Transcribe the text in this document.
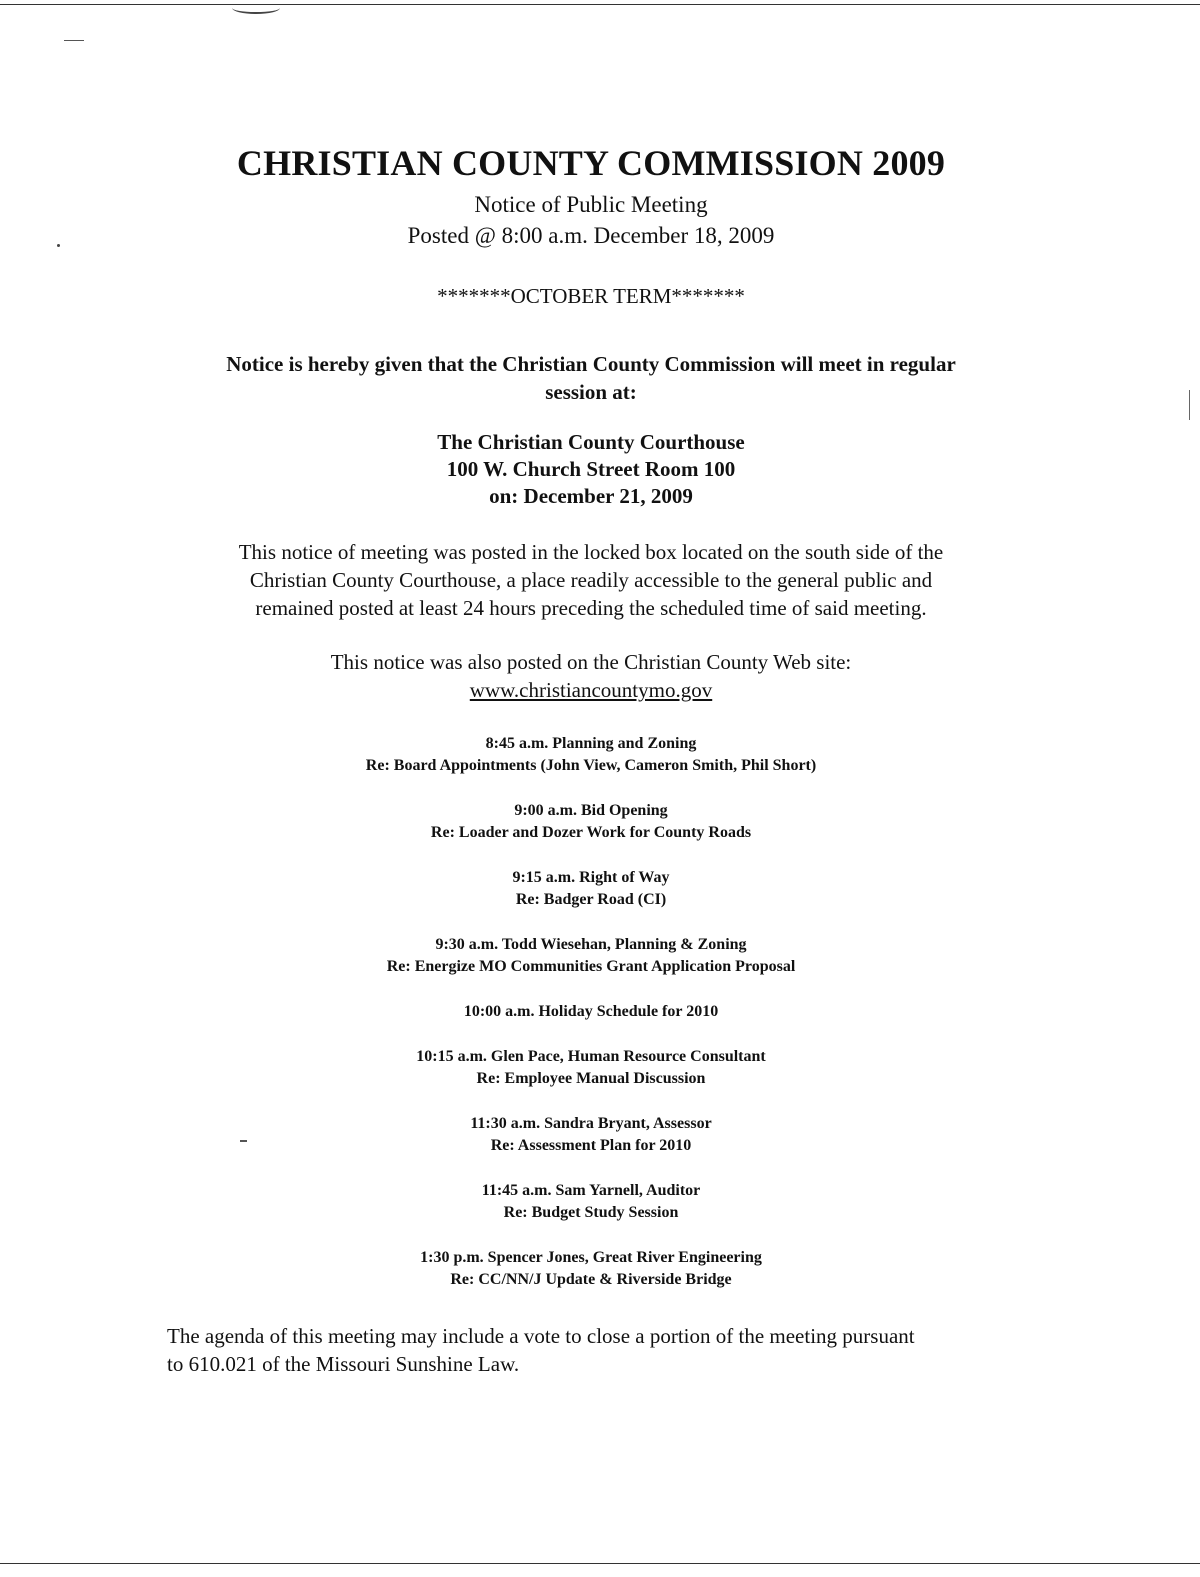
CHRISTIAN COUNTY COMMISSION 2009
Notice of Public Meeting
Posted @ 8:00 a.m. December 18, 2009
*******OCTOBER TERM*******
Notice is hereby given that the Christian County Commission will meet in regular
session at:
The Christian County Courthouse
100 W. Church Street Room 100
on: December 21, 2009
This notice of meeting was posted in the locked box located on the south side of the
Christian County Courthouse, a place readily accessible to the general public and
remained posted at least 24 hours preceding the scheduled time of said meeting.
This notice was also posted on the Christian County Web site:
www.christiancountymo.gov
8:45 a.m. Planning and Zoning
Re: Board Appointments (John View, Cameron Smith, Phil Short)
9:00 a.m. Bid Opening
Re: Loader and Dozer Work for County Roads
9:15 a.m. Right of Way
Re: Badger Road (CI)
9:30 a.m. Todd Wiesehan, Planning & Zoning
Re: Energize MO Communities Grant Application Proposal
10:00 a.m. Holiday Schedule for 2010
10:15 a.m. Glen Pace, Human Resource Consultant
Re: Employee Manual Discussion
11:30 a.m. Sandra Bryant, Assessor
Re: Assessment Plan for 2010
11:45 a.m. Sam Yarnell, Auditor
Re: Budget Study Session
1:30 p.m. Spencer Jones, Great River Engineering
Re: CC/NN/J Update & Riverside Bridge
The agenda of this meeting may include a vote to close a portion of the meeting pursuant
to 610.021 of the Missouri Sunshine Law.
